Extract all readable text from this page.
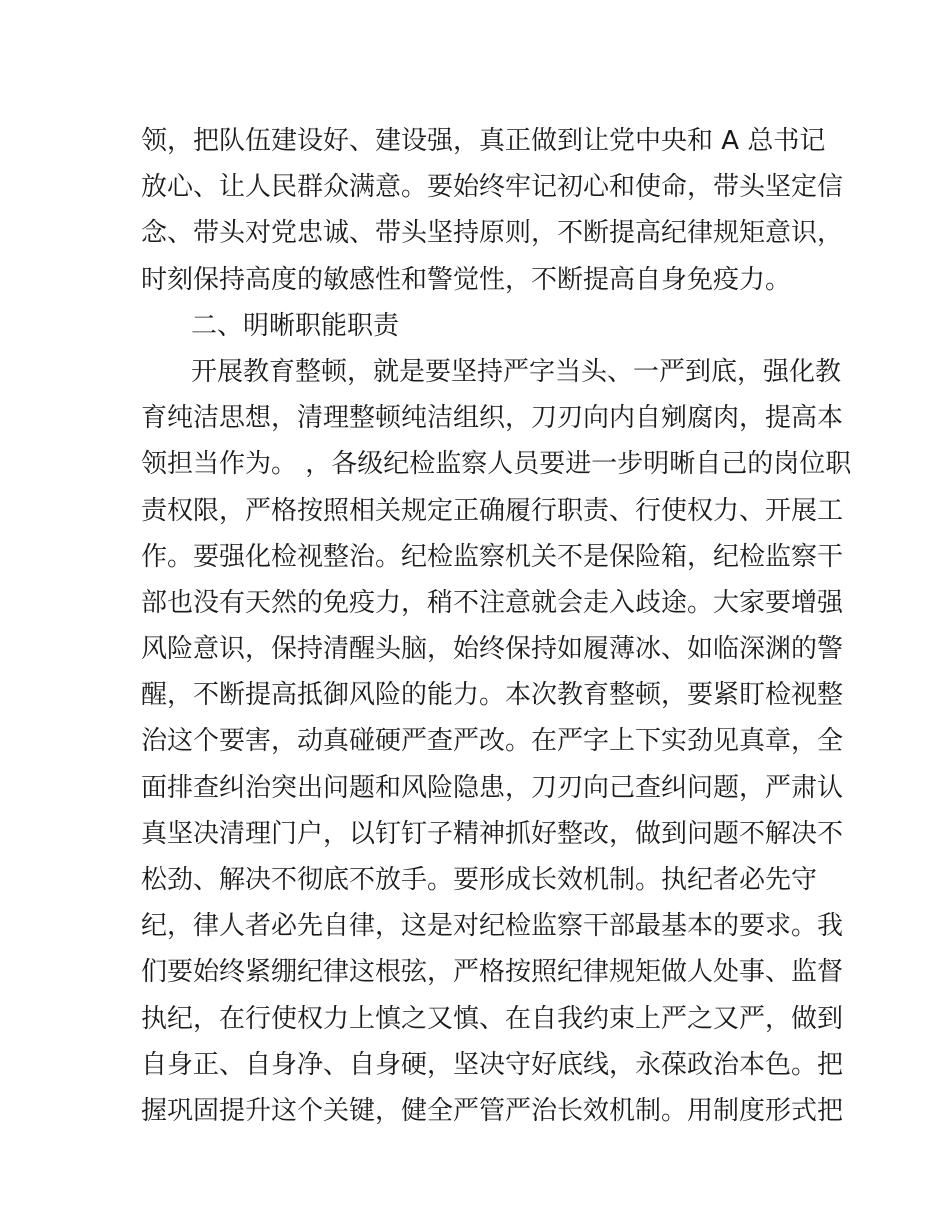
领，把队伍建设好、建设强，真正做到让党中央和 A 总书记
放心、让人民群众满意。要始终牢记初心和使命，带头坚定信
念、带头对党忠诚、带头坚持原则，不断提高纪律规矩意识，
时刻保持高度的敏感性和警觉性，不断提高自身免疫力。
二、明晰职能职责
开展教育整顿，就是要坚持严字当头、一严到底，强化教
育纯洁思想，清理整顿纯洁组织，刀刃向内自剜腐肉，提高本
领担当作为。 ，各级纪检监察人员要进一步明晰自己的岗位职
责权限，严格按照相关规定正确履行职责、行使权力、开展工
作。要强化检视整治。纪检监察机关不是保险箱，纪检监察干
部也没有天然的免疫力，稍不注意就会走入歧途。大家要增强
风险意识，保持清醒头脑，始终保持如履薄冰、如临深渊的警
醒，不断提高抵御风险的能力。本次教育整顿，要紧盯检视整
治这个要害，动真碰硬严查严改。在严字上下实劲见真章，全
面排查纠治突出问题和风险隐患，刀刃向己查纠问题，严肃认
真坚决清理门户，以钉钉子精神抓好整改，做到问题不解决不
松劲、解决不彻底不放手。要形成长效机制。执纪者必先守
纪，律人者必先自律，这是对纪检监察干部最基本的要求。我
们要始终紧绷纪律这根弦，严格按照纪律规矩做人处事、监督
执纪，在行使权力上慎之又慎、在自我约束上严之又严，做到
自身正、自身净、自身硬，坚决守好底线，永葆政治本色。把
握巩固提升这个关键，健全严管严治长效机制。用制度形式把
